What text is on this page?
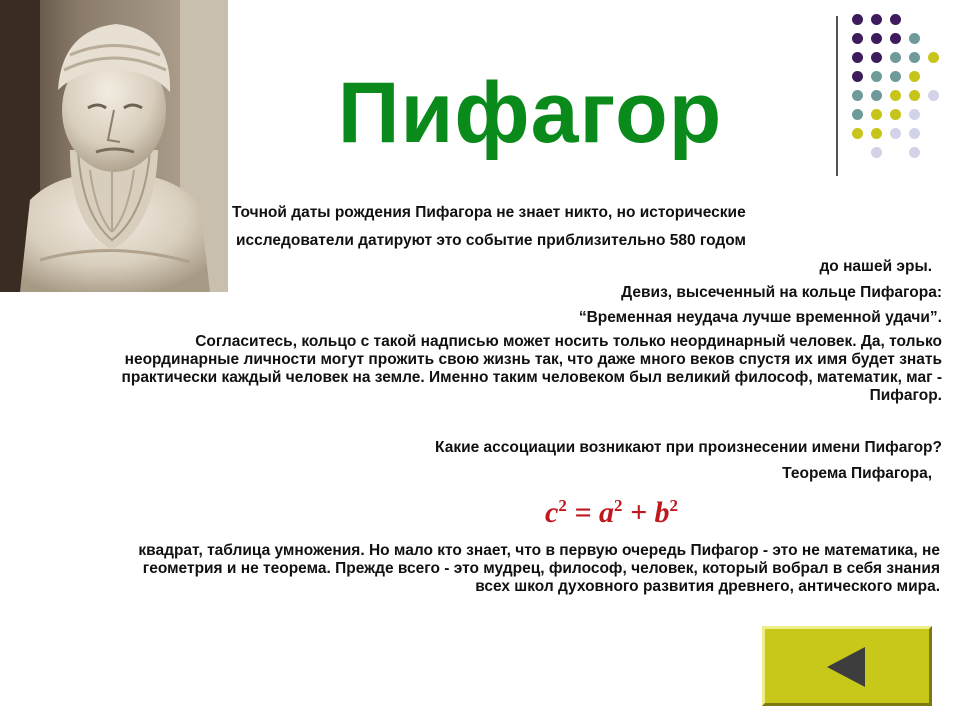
Пифагор

Точной даты рождения Пифагора не знает никто, но исторические

исследователи датируют это событие приблизительно 580 годом

до нашей эры.

Девиз, высеченный на кольце Пифагора:

“Временная неудача лучше временной удачи”.

Согласитесь, кольцо с такой надписью может носить только неординарный человек. Да, только неординарные личности могут прожить свою жизнь так, что даже много веков спустя их имя будет знать практически каждый человек на земле. Именно таким человеком был великий философ, математик, маг - Пифагор.

Какие ассоциации возникают при произнесении имени Пифагор?

Теорема Пифагора,

$c^2 = a^2 + b^2$

квадрат, таблица умножения. Но мало кто знает, что в первую очередь Пифагор - это не математика, не геометрия и не теорема. Прежде всего - это мудрец, философ, человек, который вобрал в себя знания всех школ духовного развития древнего, античеcкого мира.
